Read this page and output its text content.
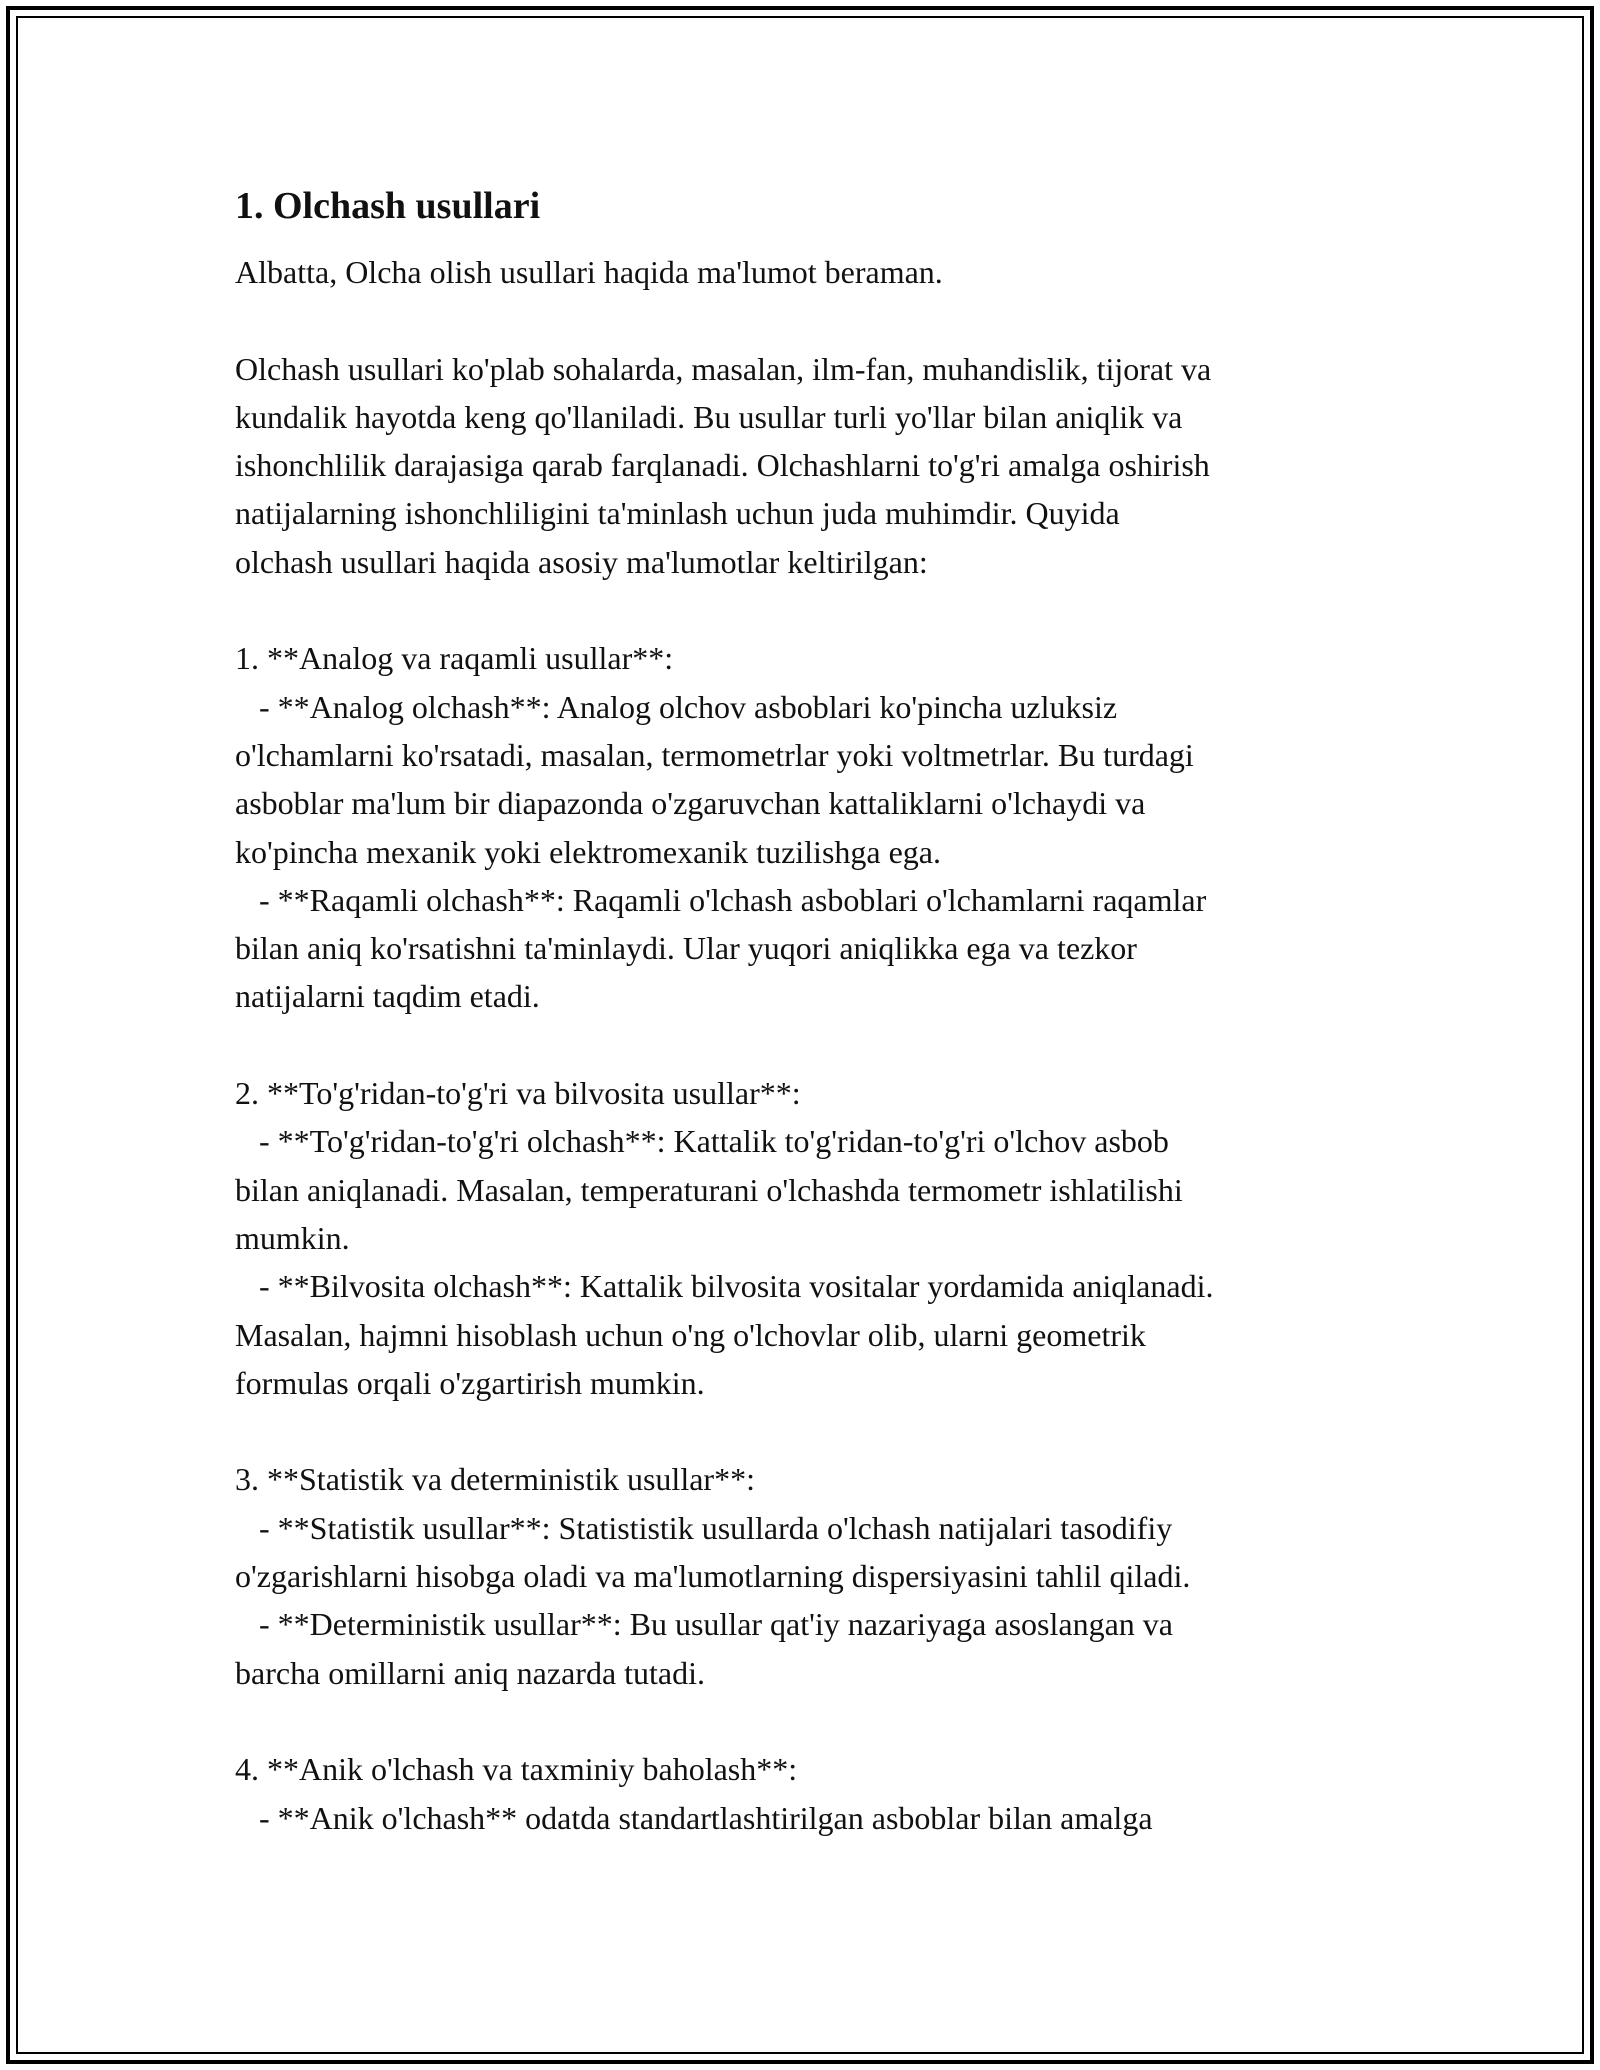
1. Olchash usullari

Albatta, Olcha olish usullari haqida ma'lumot beraman.

Olchash usullari ko'plab sohalarda, masalan, ilm-fan, muhandislik, tijorat va

kundalik hayotda keng qo'llaniladi. Bu usullar turli yo'llar bilan aniqlik va

ishonchlilik darajasiga qarab farqlanadi. Olchashlarni to'g'ri amalga oshirish

natijalarning ishonchliligini ta'minlash uchun juda muhimdir. Quyida

olchash usullari haqida asosiy ma'lumotlar keltirilgan:

1. **Analog va raqamli usullar**:

- **Analog olchash**: Analog olchov asboblari ko'pincha uzluksiz

o'lchamlarni ko'rsatadi, masalan, termometrlar yoki voltmetrlar. Bu turdagi

asboblar ma'lum bir diapazonda o'zgaruvchan kattaliklarni o'lchaydi va

ko'pincha mexanik yoki elektromexanik tuzilishga ega.

- **Raqamli olchash**: Raqamli o'lchash asboblari o'lchamlarni raqamlar

bilan aniq ko'rsatishni ta'minlaydi. Ular yuqori aniqlikka ega va tezkor

natijalarni taqdim etadi.

2. **To'g'ridan-to'g'ri va bilvosita usullar**:

- **To'g'ridan-to'g'ri olchash**: Kattalik to'g'ridan-to'g'ri o'lchov asbob

bilan aniqlanadi. Masalan, temperaturani o'lchashda termometr ishlatilishi

mumkin.

- **Bilvosita olchash**: Kattalik bilvosita vositalar yordamida aniqlanadi.

Masalan, hajmni hisoblash uchun o'ng o'lchovlar olib, ularni geometrik

formulas orqali o'zgartirish mumkin.

3. **Statistik va deterministik usullar**:

- **Statistik usullar**: Statististik usullarda o'lchash natijalari tasodifiy

o'zgarishlarni hisobga oladi va ma'lumotlarning dispersiyasini tahlil qiladi.

- **Deterministik usullar**: Bu usullar qat'iy nazariyaga asoslangan va

barcha omillarni aniq nazarda tutadi.

4. **Anik o'lchash va taxminiy baholash**:

- **Anik o'lchash** odatda standartlashtirilgan asboblar bilan amalga
